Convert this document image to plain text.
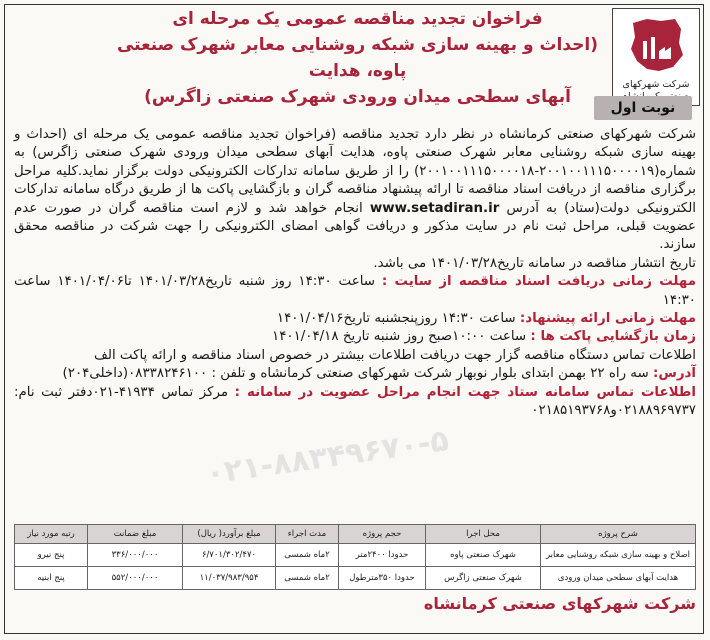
شرکت شهرکهای
فراخوان تجدید مناقصه عمومی یک مرحله ای
(احداث و بهینه سازی شبکه روشنایی معابر شهرک صنعتی پاوه، هدایت
آبهای سطحی میدان ورودی شهرک صنعتی زاگرس)
نوبت اول
۰۲۱-۸۸۳۴۹۶۷۰-۵

شرکت شهرکهای صنعتی کرمانشاه در نظر دارد تجدید مناقصه (فراخوان تجدید مناقصه عمومی یک مرحله ای (احداث و بهینه سازی شبکه روشنایی معابر شهرک صنعتی پاوه، هدایت آبهای سطحی میدان ورودی شهرک صنعتی زاگرس) به شماره(۲۰۰۱۰۰۱۱۱۵۰۰۰۰۱۹-۲۰۰۱۰۰۱۱۱۵۰۰۰۰۱۸) را از طریق سامانه تدارکات الکترونیکی دولت برگزار نماید.کلیه مراحل برگزاری مناقصه از دریافت اسناد مناقصه تا ارائه پیشنهاد مناقصه گران و بازگشایی پاکت ها از طریق درگاه سامانه تدارکات الکترونیکی دولت(ستاد) به آدرس www.setadiran.ir انجام خواهد شد و لازم است مناقصه گران در صورت عدم عضویت قبلی، مراحل ثبت نام در سایت مذکور و دریافت گواهی امضای الکترونیکی را جهت شرکت در مناقصه محقق سازند.

تاریخ انتشار مناقصه در سامانه تاریخ۱۴۰۱/۰۳/۲۸ می باشد.

مهلت زمانی دریافت اسناد مناقصه از سایت : ساعت ۱۴:۳۰ روز شنبه تاریخ۱۴۰۱/۰۳/۲۸ تا۱۴۰۱/۰۴/۰۶ ساعت ۱۴:۳۰

مهلت زمانی ارائه پیشنهاد: ساعت ۱۴:۳۰ روزپنجشنبه تاریخ۱۴۰۱/۰۴/۱۶

زمان بازگشایی پاکت ها : ساعت ۱۰:۰۰صبح روز شنبه تاریخ ۱۴۰۱/۰۴/۱۸

اطلاعات تماس دستگاه مناقصه گزار جهت دریافت اطلاعات بیشتر در خصوص اسناد مناقصه و ارائه پاکت الف

آدرس: سه راه ۲۲ بهمن ابتدای بلوار نوبهار شرکت شهرکهای صنعتی کرمانشاه و تلفن : ۰۸۳۳۸۲۴۶۱۰۰(داخلی۲۰۴)

اطلاعات تماس سامانه ستاد جهت انجام مراحل عضویت در سامانه : مرکز تماس ۴۱۹۳۴-۰۲۱دفتر ثبت نام: ۰۲۱۸۸۹۶۹۷۳۷و۰۲۱۸۵۱۹۳۷۶۸

شرح پروژه	محل اجرا	حجم پروژه	مدت اجراء	مبلغ برآورد( ریال)	مبلغ ضمانت	رتبه مورد نیاز
اصلاح و بهینه سازی شبکه روشنایی معابر	شهرک صنعتی پاوه	حدودا ۲۴۰۰متر	۲ماه شمسی	۶/۷۰۱/۳۰۲/۴۷۰	۳۳۶/۰۰۰/۰۰۰	پنج نیرو
هدایت آبهای سطحی میدان ورودی	شهرک صنعتی زاگرس	حدودا ۳۵۰مترطول	۲ماه شمسی	۱۱/۰۳۷/۹۸۳/۹۵۴	۵۵۲/۰۰۰/۰۰۰	پنج ابنیه
شرکت شهرکهای صنعتی کرمانشاه
